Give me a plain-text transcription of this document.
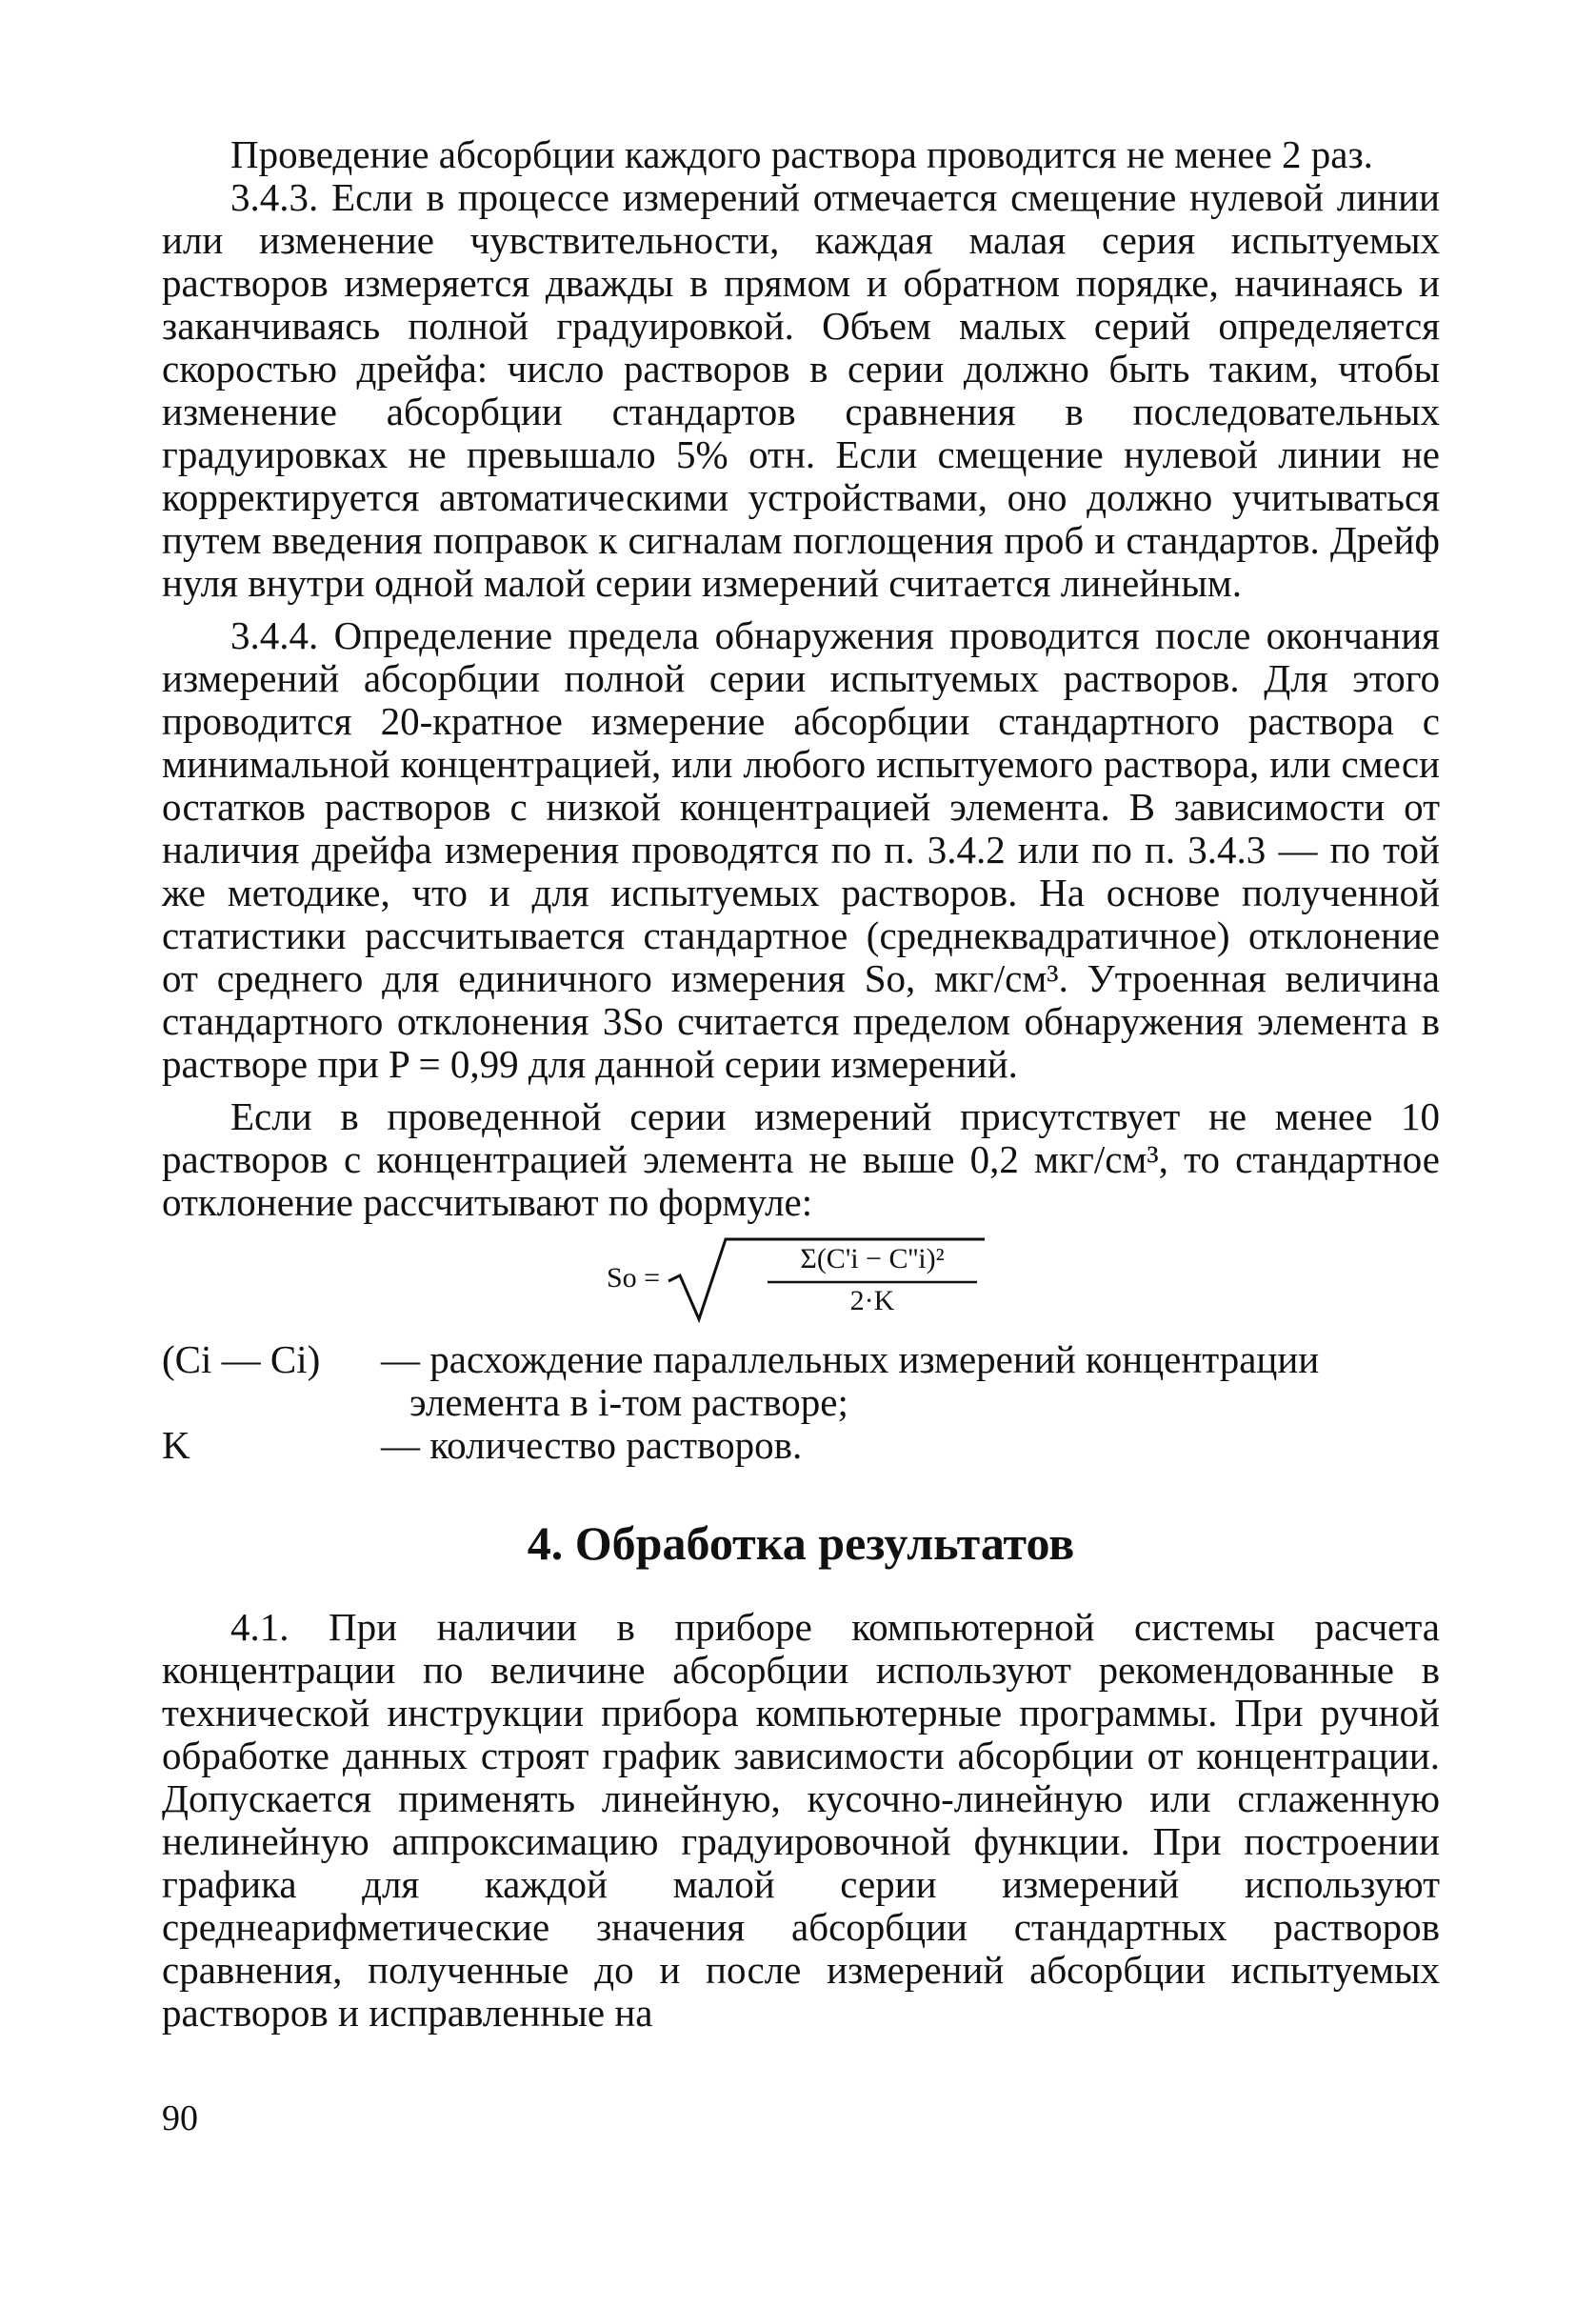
Проведение абсорбции каждого раствора проводится не менее 2 раз.

3.4.3. Если в процессе измерений отмечается смещение нулевой линии или изменение чувствительности, каждая малая серия испытуемых растворов измеряется дважды в прямом и обратном порядке, начинаясь и заканчиваясь полной градуировкой. Объем малых серий определяется скоростью дрейфа: число растворов в серии должно быть таким, чтобы изменение абсорбции стандартов сравнения в последовательных градуировках не превышало 5% отн. Если смещение нулевой линии не корректируется автоматическими устройствами, оно должно учитываться путем введения поправок к сигналам поглощения проб и стандартов. Дрейф нуля внутри одной малой серии измерений считается линейным.

3.4.4. Определение предела обнаружения проводится после окончания измерений абсорбции полной серии испытуемых растворов. Для этого проводится 20-кратное измерение абсорбции стандартного раствора с минимальной концентрацией, или любого испытуемого раствора, или смеси остатков растворов с низкой концентрацией элемента. В зависимости от наличия дрейфа измерения проводятся по п. 3.4.2 или по п. 3.4.3 — по той же методике, что и для испытуемых растворов. На основе полученной статистики рассчитывается стандартное (среднеквадратичное) отклонение от среднего для единичного измерения So, мкг/см³. Утроенная величина стандартного отклонения 3So считается пределом обнаружения элемента в растворе при P = 0,99 для данной серии измерений.

Если в проведенной серии измерений присутствует не менее 10 растворов с концентрацией элемента не выше 0,2 мкг/см³, то стандартное отклонение рассчитывают по формуле:

So =
Σ(C'i − C''i)²
2·K
(Ci — Ci)	— расхождение параллельных измерений концентрации элемента в i-том растворе;
K	— количество растворов.
4. Обработка результатов

4.1. При наличии в приборе компьютерной системы расчета концентрации по величине абсорбции используют рекомендованные в технической инструкции прибора компьютерные программы. При ручной обработке данных строят график зависимости абсорбции от концентрации. Допускается применять линейную, кусочно-линейную или сглаженную нелинейную аппроксимацию градуировочной функции. При построении графика для каждой малой серии измерений используют среднеарифметические значения абсорбции стандартных растворов сравнения, полученные до и после измерений абсорбции испытуемых растворов и исправленные на

90
